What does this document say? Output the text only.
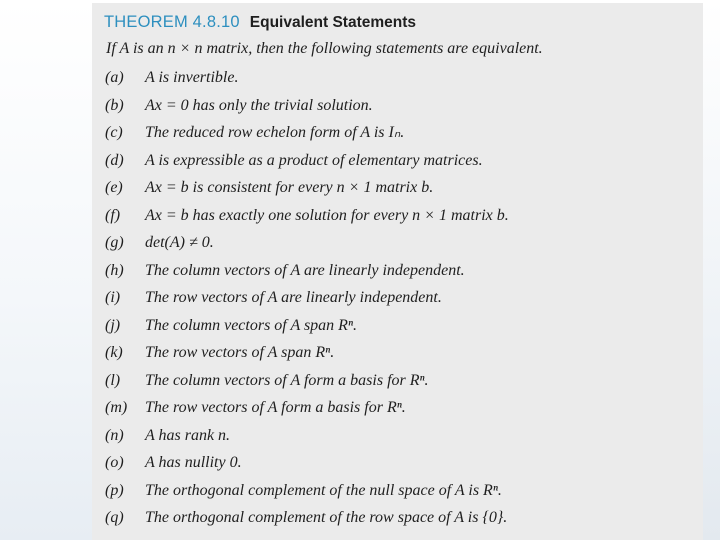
THEOREM 4.8.10 Equivalent Statements
If A is an n × n matrix, then the following statements are equivalent.
(a) A is invertible.
(b) Ax = 0 has only the trivial solution.
(c) The reduced row echelon form of A is Iₙ.
(d) A is expressible as a product of elementary matrices.
(e) Ax = b is consistent for every n × 1 matrix b.
(f) Ax = b has exactly one solution for every n × 1 matrix b.
(g) det(A) ≠ 0.
(h) The column vectors of A are linearly independent.
(i) The row vectors of A are linearly independent.
(j) The column vectors of A span Rⁿ.
(k) The row vectors of A span Rⁿ.
(l) The column vectors of A form a basis for Rⁿ.
(m) The row vectors of A form a basis for Rⁿ.
(n) A has rank n.
(o) A has nullity 0.
(p) The orthogonal complement of the null space of A is Rⁿ.
(q) The orthogonal complement of the row space of A is {0}.
